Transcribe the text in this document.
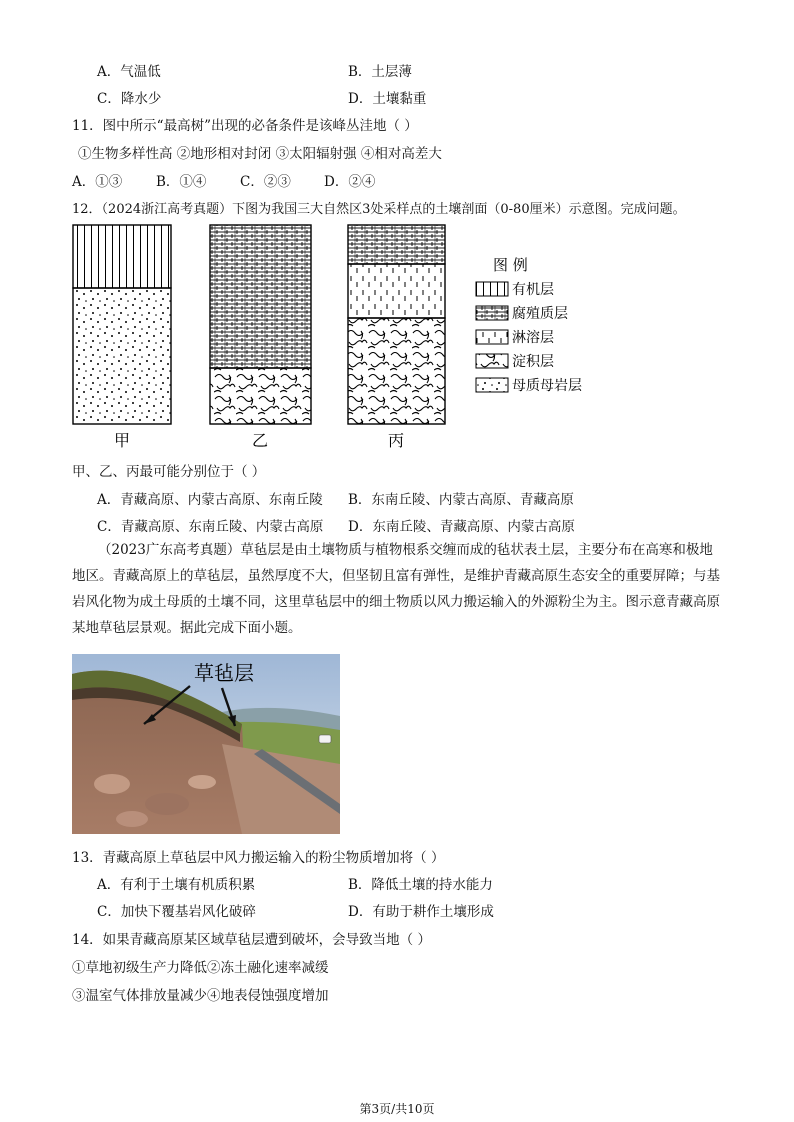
A．气温低	B．土层薄
C．降水少	D．土壤黏重
11．图中所示“最高树”出现的必备条件是该峰丛洼地（ ）
①生物多样性高 ②地形相对封闭 ③太阳辐射强 ④相对高差大
A．①③	B．①④ C．②③ D．②④
12．（2024浙江高考真题）下图为我国三大自然区3处采样点的土壤剖面（0-80厘米）示意图。完成问题。
甲	乙	丙
图 例
有机层
腐殖质层
淋溶层
淀积层
母质母岩层
甲、乙、丙最可能分别位于（ ）
A．青藏高原、内蒙古高原、东南丘陵 B．东南丘陵、内蒙古高原、青藏高原
C．青藏高原、东南丘陵、内蒙古高原 D．东南丘陵、青藏高原、内蒙古高原
（2023广东高考真题）草毡层是由土壤物质与植物根系交缠而成的毡状表土层，主要分布在高寒和极地地区。青藏高原上的草毡层，虽然厚度不大，但坚韧且富有弹性，是维护青藏高原生态安全的重要屏障；与基岩风化物为成土母质的土壤不同，这里草毡层中的细土物质以风力搬运输入的外源粉尘为主。图示意青藏高原某地草毡层景观。据此完成下面小题。
草毡层
13．青藏高原上草毡层中风力搬运输入的粉尘物质增加将（ ）
A．有利于土壤有机质积累	B．降低土壤的持水能力
C．加快下覆基岩风化破碎	D．有助于耕作土壤形成
14．如果青藏高原某区域草毡层遭到破坏，会导致当地（ ）
①草地初级生产力降低②冻土融化速率减缓
③温室气体排放量减少④地表侵蚀强度增加
第3页/共10页
